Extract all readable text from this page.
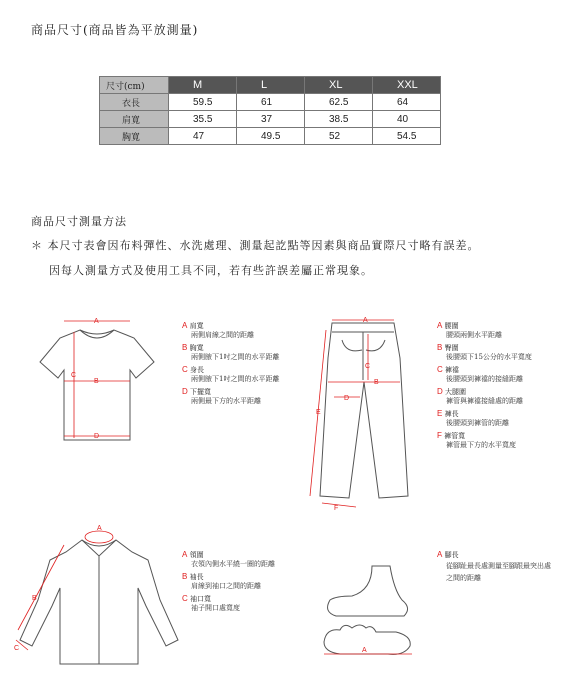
商品尺寸(商品皆為平放測量)
尺寸(cm)	M	L	XL	XXL
衣長	59.5	61	62.5	64
肩寬	35.5	37	38.5	40
胸寬	47	49.5	52	54.5
商品尺寸測量方法
＊ 本尺寸表會因布料彈性、水洗處理、測量起訖點等因素與商品實際尺寸略有誤差。
因每人測量方式及使用工具不同，若有些許誤差屬正常現象。
A
B
C
D
A
B
C
D
E
F
A
B
C	A
A 肩寬
兩側肩線之間的距離
B 胸寬
兩側腋下1吋之間的水平距離
C 身長
兩側腋下1吋之間的水平距離
D 下擺寬
兩側最下方的水平距離
A 腰圍
腰頭兩側水平距離
B 臀圍
後腰頭下15公分的水平寬度
C 褲襠
後腰頭到褲襠的接縫距離
D 大腿圍
褲管與褲襠接縫處的距離
E 褲長
後腰頭到褲管的距離
F 褲管寬
褲管最下方的水平寬度
A 領圍
衣領內側水平繞一圈的距離
B 袖長
肩線到袖口之間的距離
C 袖口寬
袖子開口處寬度
A 腳長
從腳趾最長處測量至腳跟最突出處之間的距離
